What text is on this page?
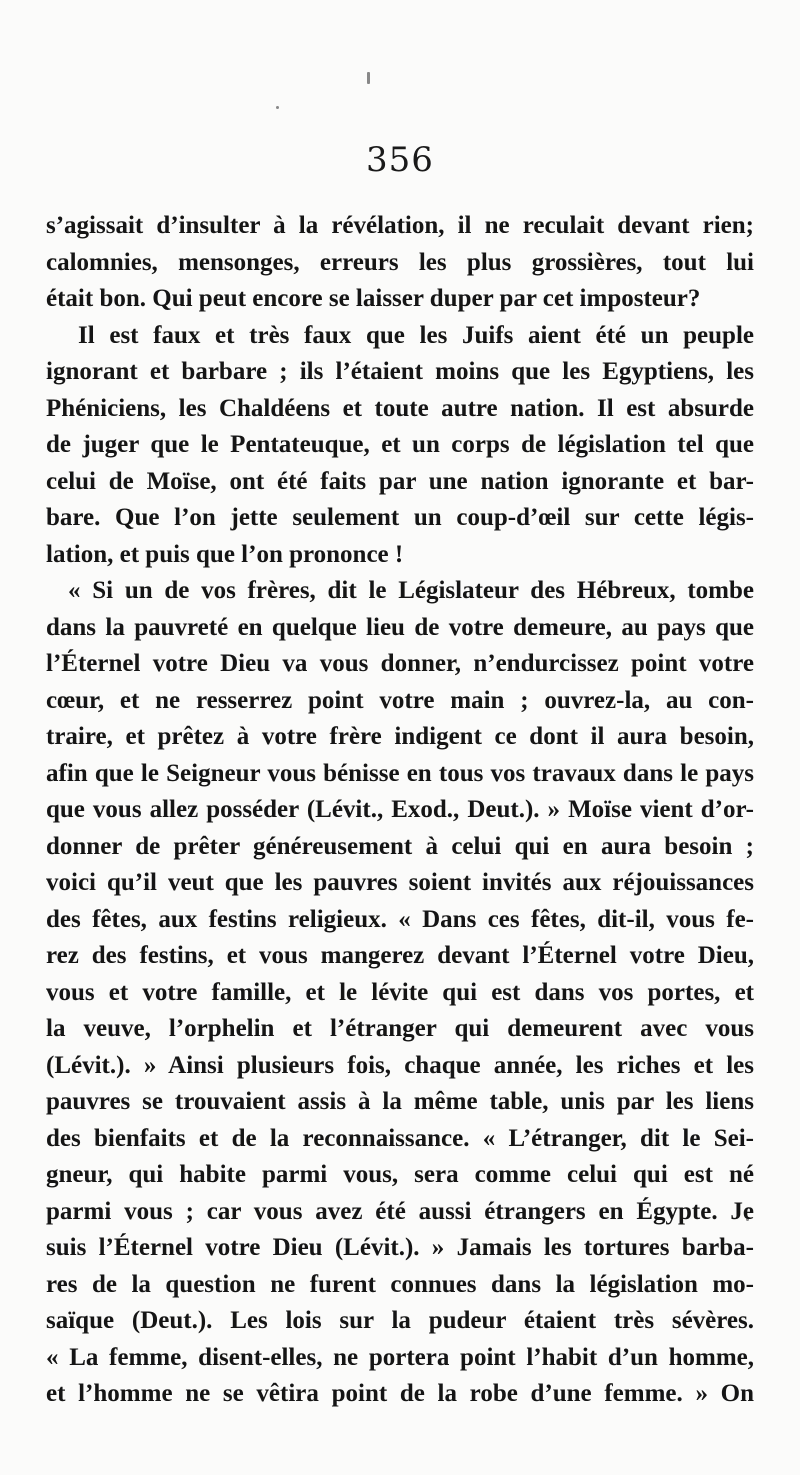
356
s’agissait d’insulter à la révélation, il ne reculait devant rien;
calomnies, mensonges, erreurs les plus grossières, tout lui
était bon. Qui peut encore se laisser duper par cet imposteur?
Il est faux et très faux que les Juifs aient été un peuple
ignorant et barbare ; ils l’étaient moins que les Egyptiens, les
Phéniciens, les Chaldéens et toute autre nation. Il est absurde
de juger que le Pentateuque, et un corps de législation tel que
celui de Moïse, ont été faits par une nation ignorante et bar-
bare. Que l’on jette seulement un coup-d’œil sur cette légis-
lation, et puis que l’on prononce !
« Si un de vos frères, dit le Législateur des Hébreux, tombe
dans la pauvreté en quelque lieu de votre demeure, au pays que
l’Éternel votre Dieu va vous donner, n’endurcissez point votre
cœur, et ne resserrez point votre main ; ouvrez-la, au con-
traire, et prêtez à votre frère indigent ce dont il aura besoin,
afin que le Seigneur vous bénisse en tous vos travaux dans le pays
que vous allez posséder (Lévit., Exod., Deut.). » Moïse vient d’or-
donner de prêter généreusement à celui qui en aura besoin ;
voici qu’il veut que les pauvres soient invités aux réjouissances
des fêtes, aux festins religieux. « Dans ces fêtes, dit-il, vous fe-
rez des festins, et vous mangerez devant l’Éternel votre Dieu,
vous et votre famille, et le lévite qui est dans vos portes, et
la veuve, l’orphelin et l’étranger qui demeurent avec vous
(Lévit.). » Ainsi plusieurs fois, chaque année, les riches et les
pauvres se trouvaient assis à la même table, unis par les liens
des bienfaits et de la reconnaissance. « L’étranger, dit le Sei-
gneur, qui habite parmi vous, sera comme celui qui est né
parmi vous ; car vous avez été aussi étrangers en Égypte. Je
suis l’Éternel votre Dieu (Lévit.). » Jamais les tortures barba-
res de la question ne furent connues dans la législation mo-
saïque (Deut.). Les lois sur la pudeur étaient très sévères.
« La femme, disent-elles, ne portera point l’habit d’un homme,
et l’homme ne se vêtira point de la robe d’une femme. » On
